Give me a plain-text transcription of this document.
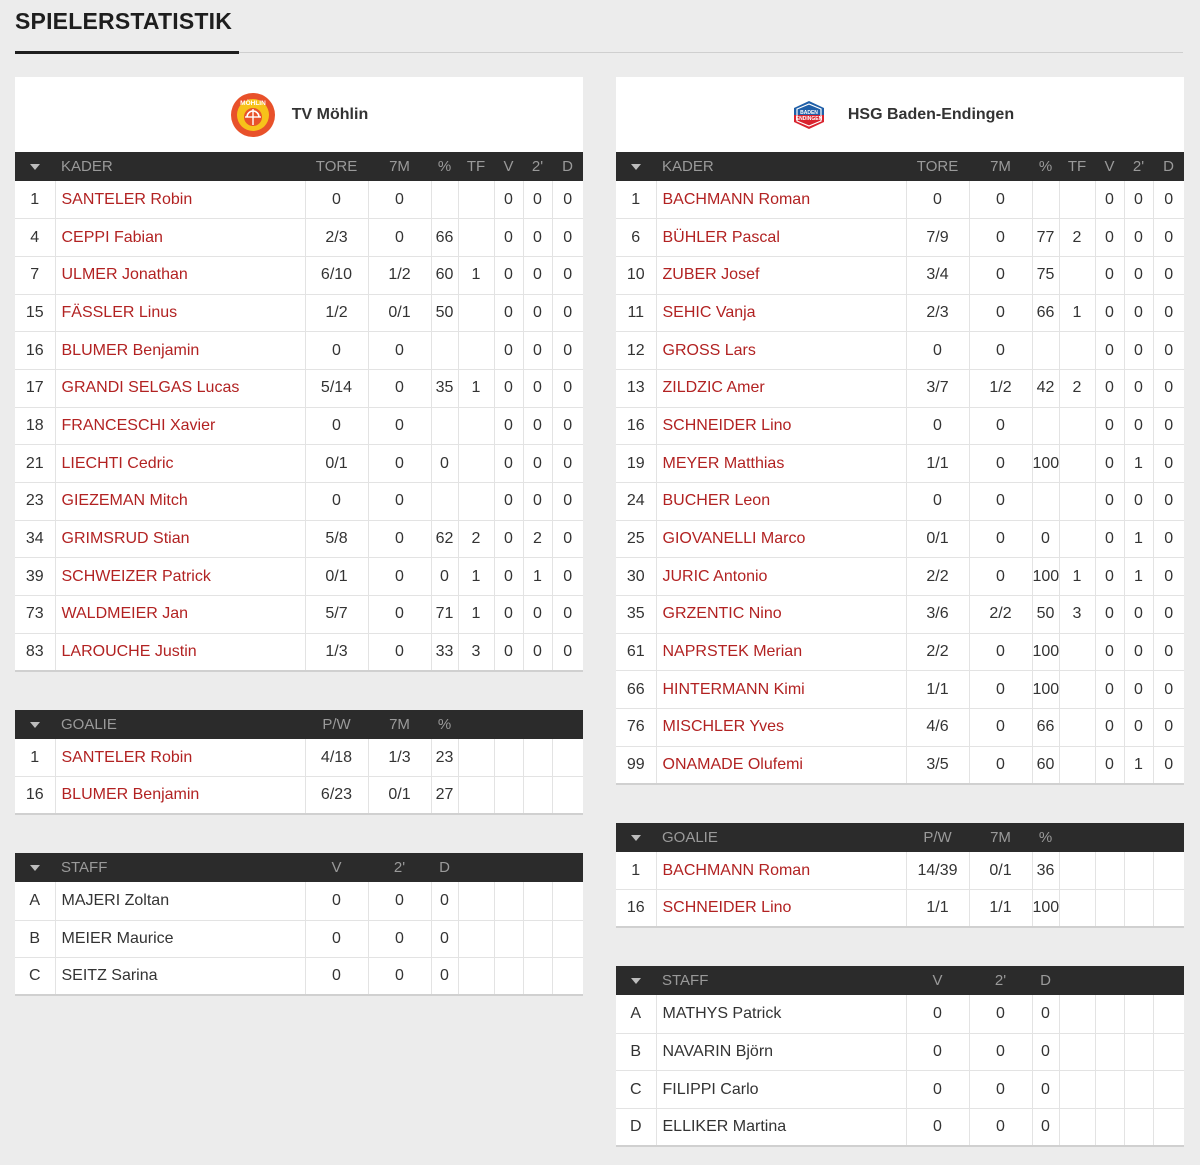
SPIELERSTATISTIK
MÖHLIN
TV Möhlin
	KADER	TORE	7M	%	TF	V	2'	D
1	SANTELER Robin	0	0			0	0	0
4	CEPPI Fabian	2/3	0	66		0	0	0
7	ULMER Jonathan	6/10	1/2	60	1	0	0	0
15	FÄSSLER Linus	1/2	0/1	50		0	0	0
16	BLUMER Benjamin	0	0			0	0	0
17	GRANDI SELGAS Lucas	5/14	0	35	1	0	0	0
18	FRANCESCHI Xavier	0	0			0	0	0
21	LIECHTI Cedric	0/1	0	0		0	0	0
23	GIEZEMAN Mitch	0	0			0	0	0
34	GRIMSRUD Stian	5/8	0	62	2	0	2	0
39	SCHWEIZER Patrick	0/1	0	0	1	0	1	0
73	WALDMEIER Jan	5/7	0	71	1	0	0	0
83	LAROUCHE Justin	1/3	0	33	3	0	0	0
	GOALIE	P/W	7M	%				
1	SANTELER Robin	4/18	1/3	23				
16	BLUMER Benjamin	6/23	0/1	27				
	STAFF	V	2'	D				
A	MAJERI Zoltan	0	0	0				
B	MEIER Maurice	0	0	0				
C	SEITZ Sarina	0	0	0				
BADEN
ENDINGEN HSG Baden-Endingen
	KADER	TORE	7M	%	TF	V	2'	D
1	BACHMANN Roman	0	0			0	0	0
6	BÜHLER Pascal	7/9	0	77	2	0	0	0
10	ZUBER Josef	3/4	0	75		0	0	0
11	SEHIC Vanja	2/3	0	66	1	0	0	0
12	GROSS Lars	0	0			0	0	0
13	ZILDZIC Amer	3/7	1/2	42	2	0	0	0
16	SCHNEIDER Lino	0	0			0	0	0
19	MEYER Matthias	1/1	0	100		0	1	0
24	BUCHER Leon	0	0			0	0	0
25	GIOVANELLI Marco	0/1	0	0		0	1	0
30	JURIC Antonio	2/2	0	100	1	0	1	0
35	GRZENTIC Nino	3/6	2/2	50	3	0	0	0
61	NAPRSTEK Merian	2/2	0	100		0	0	0
66	HINTERMANN Kimi	1/1	0	100		0	0	0
76	MISCHLER Yves	4/6	0	66		0	0	0
99	ONAMADE Olufemi	3/5	0	60		0	1	0
	GOALIE	P/W	7M	%				
1	BACHMANN Roman	14/39	0/1	36				
16	SCHNEIDER Lino	1/1	1/1	100				
	STAFF	V	2'	D				
A	MATHYS Patrick	0	0	0				
B	NAVARIN Björn	0	0	0				
C	FILIPPI Carlo	0	0	0				
D	ELLIKER Martina	0	0	0				
